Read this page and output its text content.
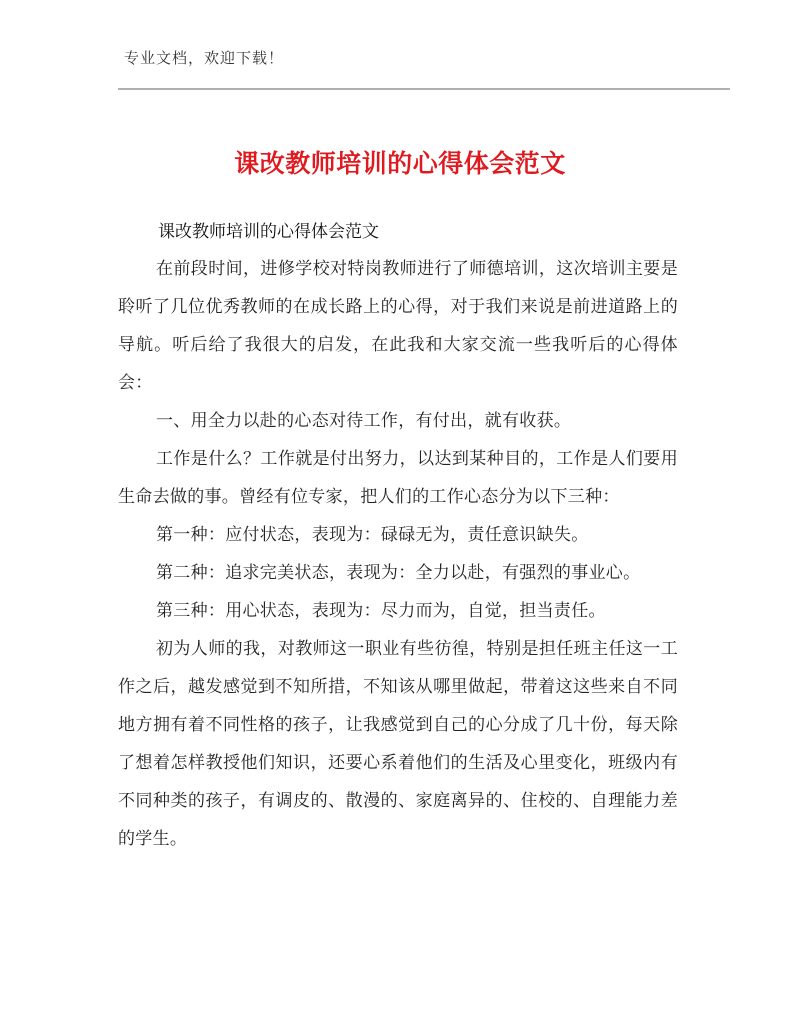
专业文档，欢迎下载！
课改教师培训的心得体会范文

课改教师培训的心得体会范文

在前段时间，进修学校对特岗教师进行了师德培训，这次培训主要是聆听了几位优秀教师的在成长路上的心得，对于我们来说是前进道路上的导航。听后给了我很大的启发，在此我和大家交流一些我听后的心得体会：

一、用全力以赴的心态对待工作，有付出，就有收获。

工作是什么？工作就是付出努力，以达到某种目的，工作是人们要用生命去做的事。曾经有位专家，把人们的工作心态分为以下三种：

第一种：应付状态，表现为：碌碌无为，责任意识缺失。

第二种：追求完美状态，表现为：全力以赴，有强烈的事业心。

第三种：用心状态，表现为：尽力而为，自觉，担当责任。

初为人师的我，对教师这一职业有些彷徨，特别是担任班主任这一工作之后，越发感觉到不知所措，不知该从哪里做起，带着这这些来自不同地方拥有着不同性格的孩子，让我感觉到自己的心分成了几十份，每天除了想着怎样教授他们知识，还要心系着他们的生活及心里变化，班级内有不同种类的孩子，有调皮的、散漫的、家庭离异的、住校的、自理能力差的学生。
